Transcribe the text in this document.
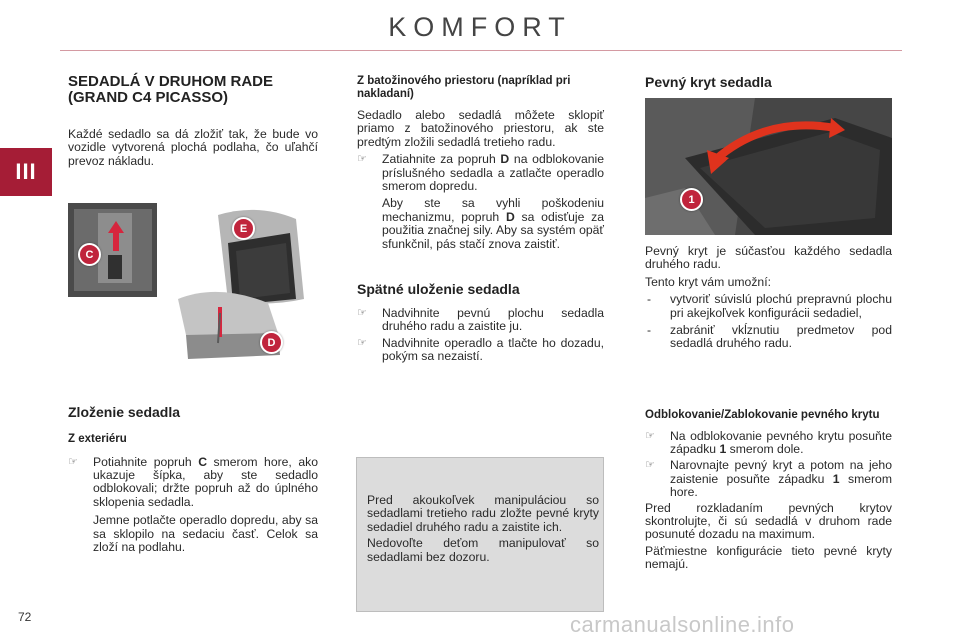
KOMFORT
III
72	carmanualsonline.info
SEDADLÁ V DRUHOM RADE (GRAND C4 PICASSO)

Každé sedadlo sa dá zložiť tak, že bude vo vozidle vytvorená plochá podlaha, čo uľahčí prevoz nákladu.

C
E
D
Zloženie sedadla
Z exteriéru
☞ Potiahnite popruh C smerom hore, ako ukazuje šípka, aby ste sedadlo odblokovali; držte popruh až do úplného sklopenia sedadla.

Jemne potlačte operadlo dopredu, aby sa sa sklopilo na sedaciu časť. Celok sa zloží na podlahu.

Z batožinového priestoru (napríklad pri nakladaní)

Sedadlo alebo sedadlá môžete sklopiť priamo z batožinového priestoru, ak ste predtým zložili sedadlá tretieho radu.

☞ Zatiahnite za popruh D na odblokovanie príslušného sedadla a zatlačte operadlo smerom dopredu.

Aby ste sa vyhli poškodeniu mechanizmu, popruh D sa odisťuje za použitia značnej sily. Aby sa systém opäť sfunkčnil, pás stačí znova zaistiť.

Spätné uloženie sedadla
☞ Nadvihnite pevnú plochu sedadla druhého radu a zaistite ju.
☞ Nadvihnite operadlo a tlačte ho dozadu, pokým sa nezaistí.

Pred akoukoľvek manipuláciou so sedadlami tretieho radu zložte pevné kryty sedadiel druhého radu a zaistite ich.

Nedovoľte deťom manipulovať so sedadlami bez dozoru.

Pevný kryt sedadla
1

Pevný kryt je súčasťou každého sedadla druhého radu.

Tento kryt vám umožní:

- vytvoriť súvislú plochú prepravnú plochu pri akejkoľvek konfigurácii sedadiel,
- zabrániť vkĺznutiu predmetov pod sedadlá druhého radu.
Odblokovanie/Zablokovanie pevného krytu
☞ Na odblokovanie pevného krytu posuňte západku 1 smerom dole.
☞ Narovnajte pevný kryt a potom na jeho zaistenie posuňte západku 1 smerom hore.

Pred rozkladaním pevných krytov skontrolujte, či sú sedadlá v druhom rade posunuté dozadu na maximum.

Päťmiestne konfigurácie tieto pevné kryty nemajú.
